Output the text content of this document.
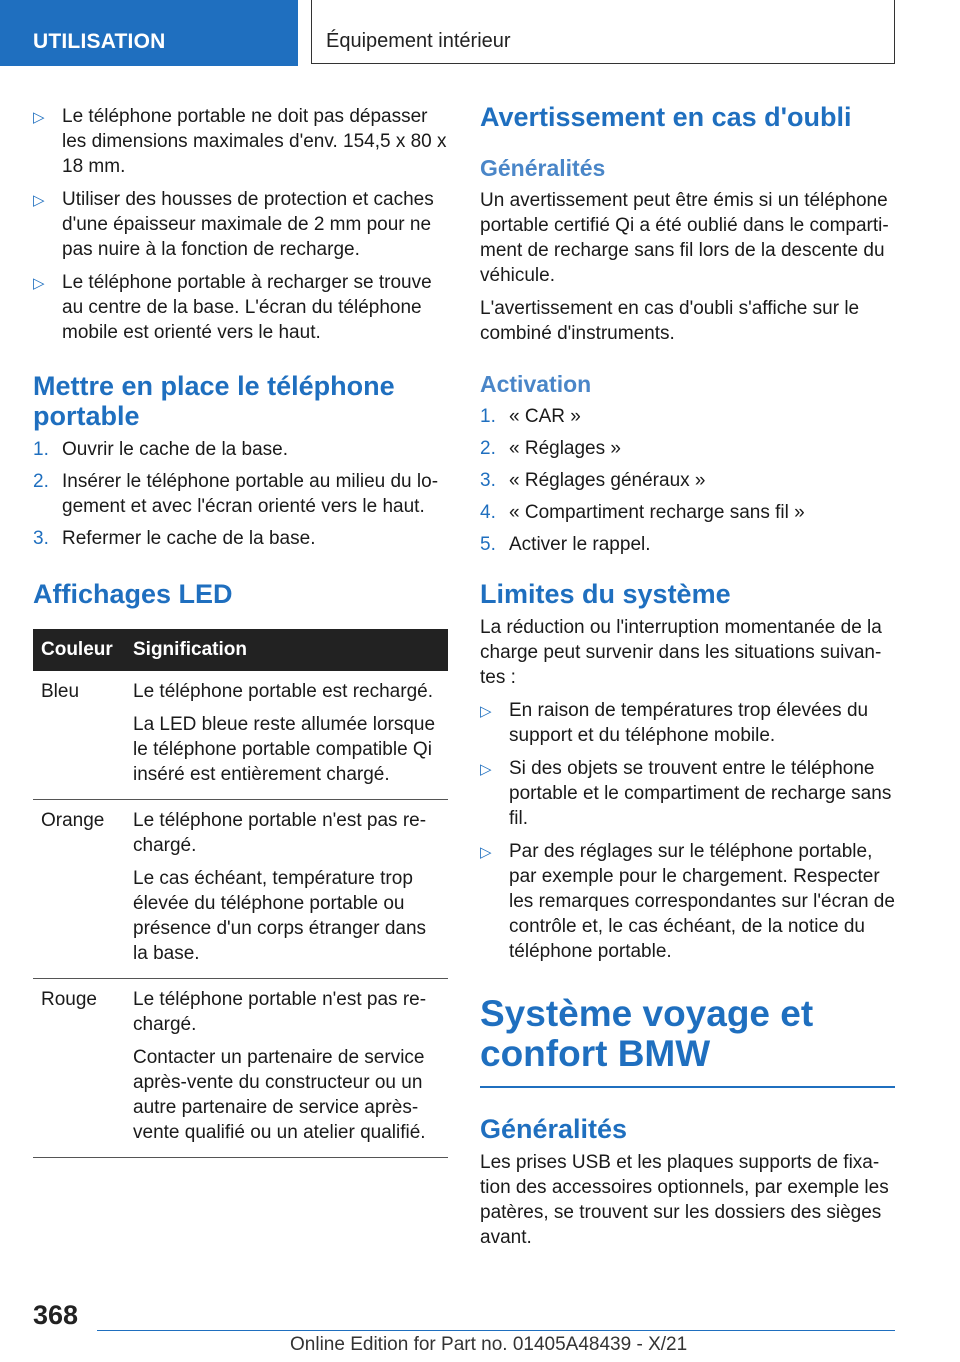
UTILISATION	Équipement intérieur
▷ Le téléphone portable ne doit pas dépasser les dimensions maximales d'env. 154,5 x 80 x 18 mm.

▷ Utiliser des housses de protection et caches d'une épaisseur maximale de 2 mm pour ne pas nuire à la fonction de recharge.

▷ Le téléphone portable à recharger se trouve au centre de la base. L'écran du téléphone mobile est orienté vers le haut.

Mettre en place le téléphone portable
1. Ouvrir le cache de la base.

2. Insérer le téléphone portable au milieu du logement et avec l'écran orienté vers le haut.

3. Refermer le cache de la base.

Affichages LED
Couleur	Signification
Bleu	Le téléphone portable est rechargé.

La LED bleue reste allumée lorsque le téléphone portable compatible Qi inséré est entièrement chargé.

Orange	Le téléphone portable n'est pas rechargé.

Le cas échéant, température trop élevée du téléphone portable ou présence d'un corps étranger dans la base.

Rouge	Le téléphone portable n'est pas rechargé.

Contacter un partenaire de service après-vente du constructeur ou un autre partenaire de service après-vente qualifié ou un atelier qualifié.

Avertissement en cas d'oubli
Généralités

Un avertissement peut être émis si un téléphone portable certifié Qi a été oublié dans le compartiment de recharge sans fil lors de la descente du véhicule.

L'avertissement en cas d'oubli s'affiche sur le combiné d'instruments.

Activation
1. « CAR »

2. « Réglages »

3. « Réglages généraux »

4. « Compartiment recharge sans fil »

5. Activer le rappel.

Limites du système

La réduction ou l'interruption momentanée de la charge peut survenir dans les situations suivantes :

▷ En raison de températures trop élevées du support et du téléphone mobile.

▷ Si des objets se trouvent entre le téléphone portable et le compartiment de recharge sans fil.

▷ Par des réglages sur le téléphone portable, par exemple pour le chargement. Respecter les remarques correspondantes sur l'écran de contrôle et, le cas échéant, de la notice du téléphone portable.

Système voyage et confort BMW
Généralités

Les prises USB et les plaques supports de fixation des accessoires optionnels, par exemple les patères, se trouvent sur les dossiers des sièges avant.

368
Online Edition for Part no. 01405A48439 - X/21
